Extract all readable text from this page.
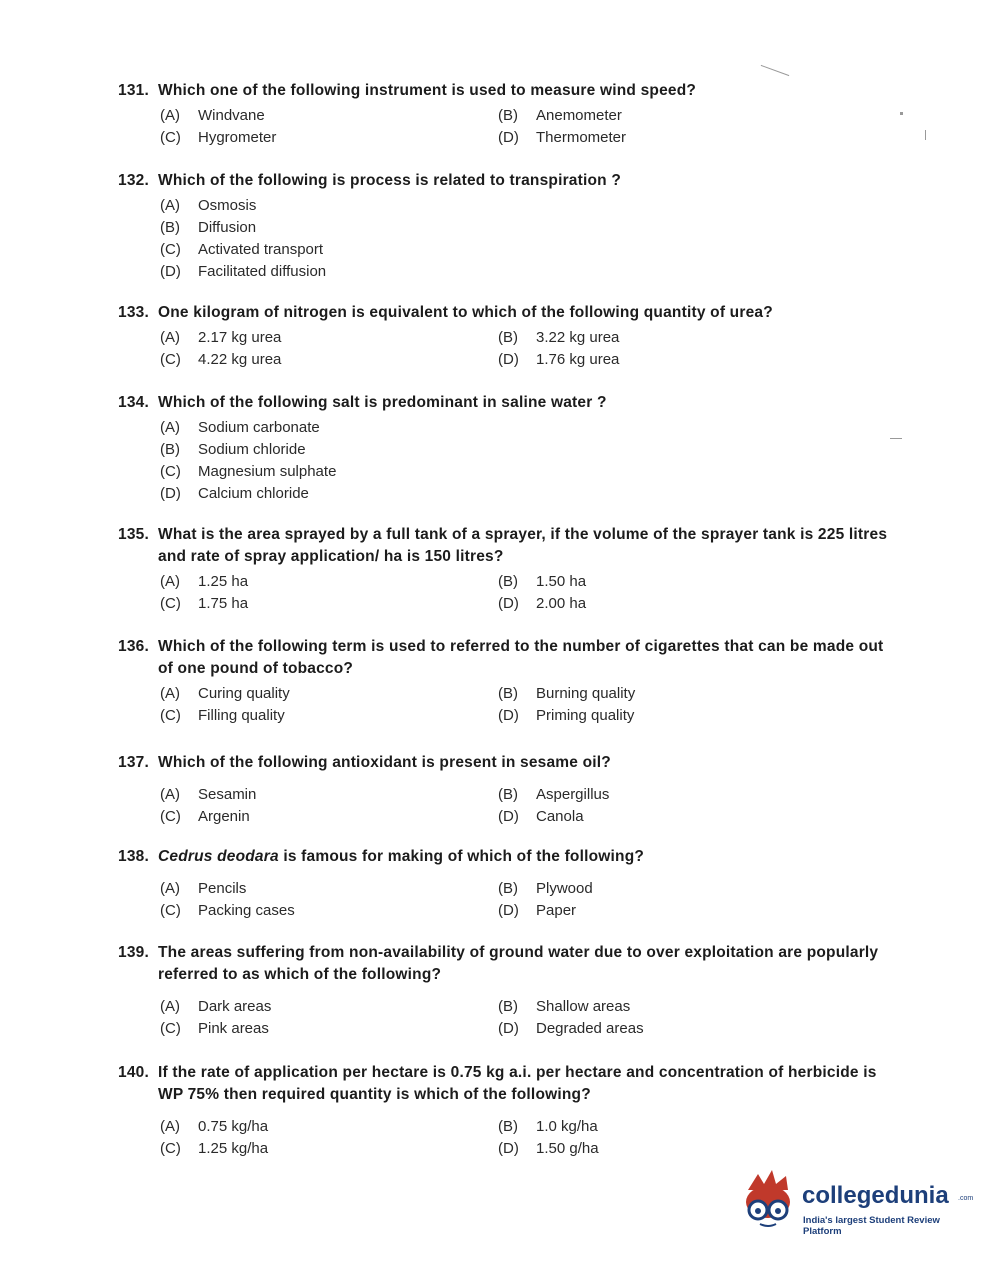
131. Which one of the following instrument is used to measure wind speed?
(A)	Windvane	(B)	Anemometer
(C)	Hygrometer	(D)	Thermometer
132. Which of the following is process is related to transpiration ?
(A)	Osmosis
(B)	Diffusion
(C)	Activated transport
(D)	Facilitated diffusion
133. One kilogram of nitrogen is equivalent to which of the following quantity of urea?
(A)	2.17 kg urea	(B)	3.22 kg urea
(C)	4.22 kg urea	(D)	1.76 kg urea
134. Which of the following salt is predominant in saline water ?
(A)	Sodium carbonate
(B)	Sodium chloride
(C)	Magnesium sulphate
(D)	Calcium chloride
135. What is the area sprayed by a full tank of a sprayer, if the volume of the sprayer tank is 225 litres and rate of spray application/ ha is 150 litres?
(A)	1.25 ha	(B)	1.50 ha
(C)	1.75 ha	(D)	2.00 ha
136. Which of the following term is used to referred to the number of cigarettes that can be made out of one pound of tobacco?
(A)	Curing quality	(B)	Burning quality
(C)	Filling quality	(D)	Priming quality
137. Which of the following antioxidant is present in sesame oil?
(A)	Sesamin	(B)	Aspergillus
(C)	Argenin	(D)	Canola
138. Cedrus deodara is famous for making of which of the following?
(A)	Pencils	(B)	Plywood
(C)	Packing cases	(D)	Paper
139. The areas suffering from non-availability of ground water due to over exploitation are popularly referred to as which of the following?
(A)	Dark areas	(B)	Shallow areas
(C)	Pink areas	(D)	Degraded areas
140. If the rate of application per hectare is 0.75 kg a.i. per hectare and concentration of herbicide is WP 75% then required quantity is which of the following?
(A)	0.75 kg/ha	(B)	1.0 kg/ha
(C)	1.25 kg/ha	(D)	1.50 g/ha
collegedunia .com
India's largest Student Review Platform
